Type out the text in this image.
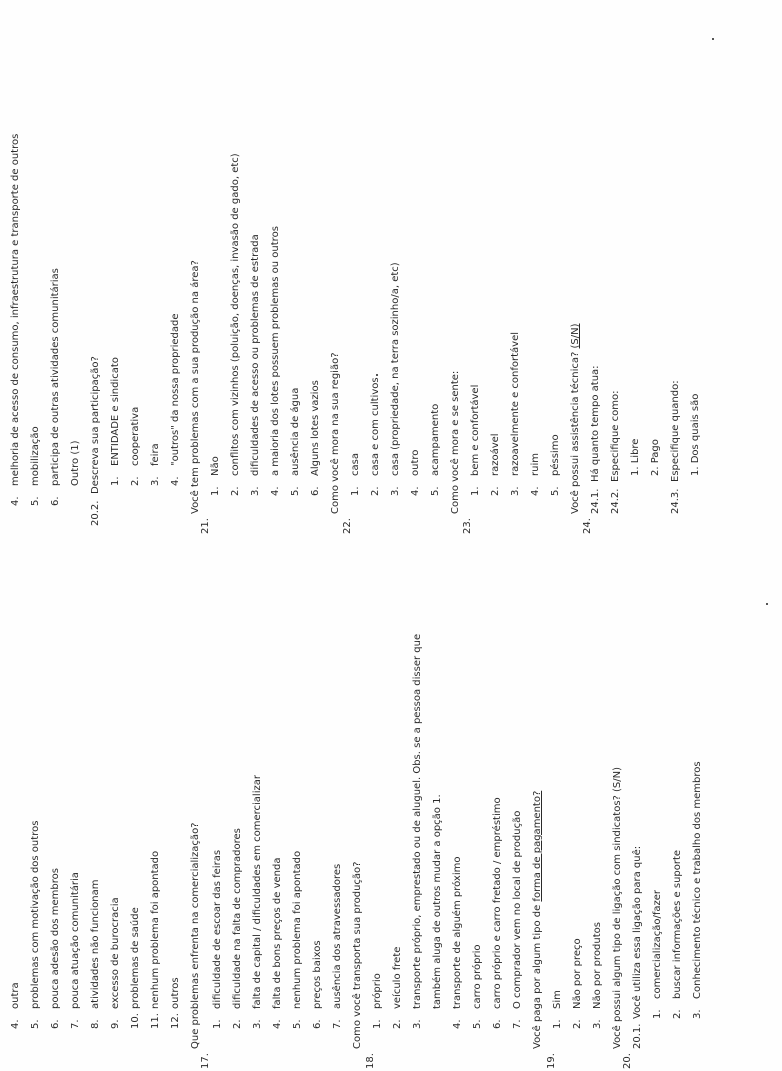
4.outra
5.problemas com motivação dos outros
6.pouca adesão dos membros
7.pouca atuação comunitária
8.atividades não funcionam
9.excesso de burocracia
10.problemas de saúde
11.nenhum problema foi apontado
12.outros
17.
Que problemas enfrenta na comercialização? 1.dificuldade de escoar das feiras
2.dificuldade na falta de compradores
3.falta de capital / dificuldades em comercializar
4.falta de bons preços de venda
5.nenhum problema foi apontado
6.preços baixos
7.ausência dos atravessadores
18.
Como você transporta sua produção? 1.próprio
2.veículo frete
3.transporte próprio, emprestado ou de aluguel. Obs. se a pessoa disser que também aluga de outros mudar a opção 1.
4.transporte de alguém próximo
5.carro próprio
6.carro próprio e carro fretado / empréstimo
7.O comprador vem no local de produção
19.
Você paga por algum tipo de forma de pagamento?
1.Sim
2.Não por preço
3.Não por produtos
20.
Você possui algum tipo de ligação com sindicatos? (S/N) 20.1.Você utiliza essa ligação para quê: 1.comercialização/fazer
2.buscar informações e suporte
3.Conhecimento técnico e trabalho dos membros
4.melhoria de acesso de consumo, infraestrutura e transporte de outros
5.mobilização
6.participa de outras atividades comunitárias Outro (1)
20.2.Descreva sua participação? 1.ENTIDADE e sindicato
2.cooperativa
3.feira
4."outros" da nossa propriedade
21.
Você tem problemas com a sua produção na área? 1.Não
2.conflitos com vizinhos (poluição, doenças, invasão de gado, etc)
3.dificuldades de acesso ou problemas de estrada
4.a maioria dos lotes possuem problemas ou outros
5.ausência de água
6.Alguns lotes vazios
22.
Como você mora na sua região? 1.casa
2.casa e com cultivos
3.casa (propriedade, na terra sozinho/a, etc)
4.outro
5.acampamento
23.
Como você mora e se sente: 1.bem e confortável
2.razoável
3.razoavelmente e confortável
4.ruim
5.péssimo
24.
Você possui assistência técnica? (S/N)
24.1.Há quanto tempo atua:
24.2.Especifique como: 1. Libre 2. Pago
24.3.Especifique quando: 1. Dos quais são
